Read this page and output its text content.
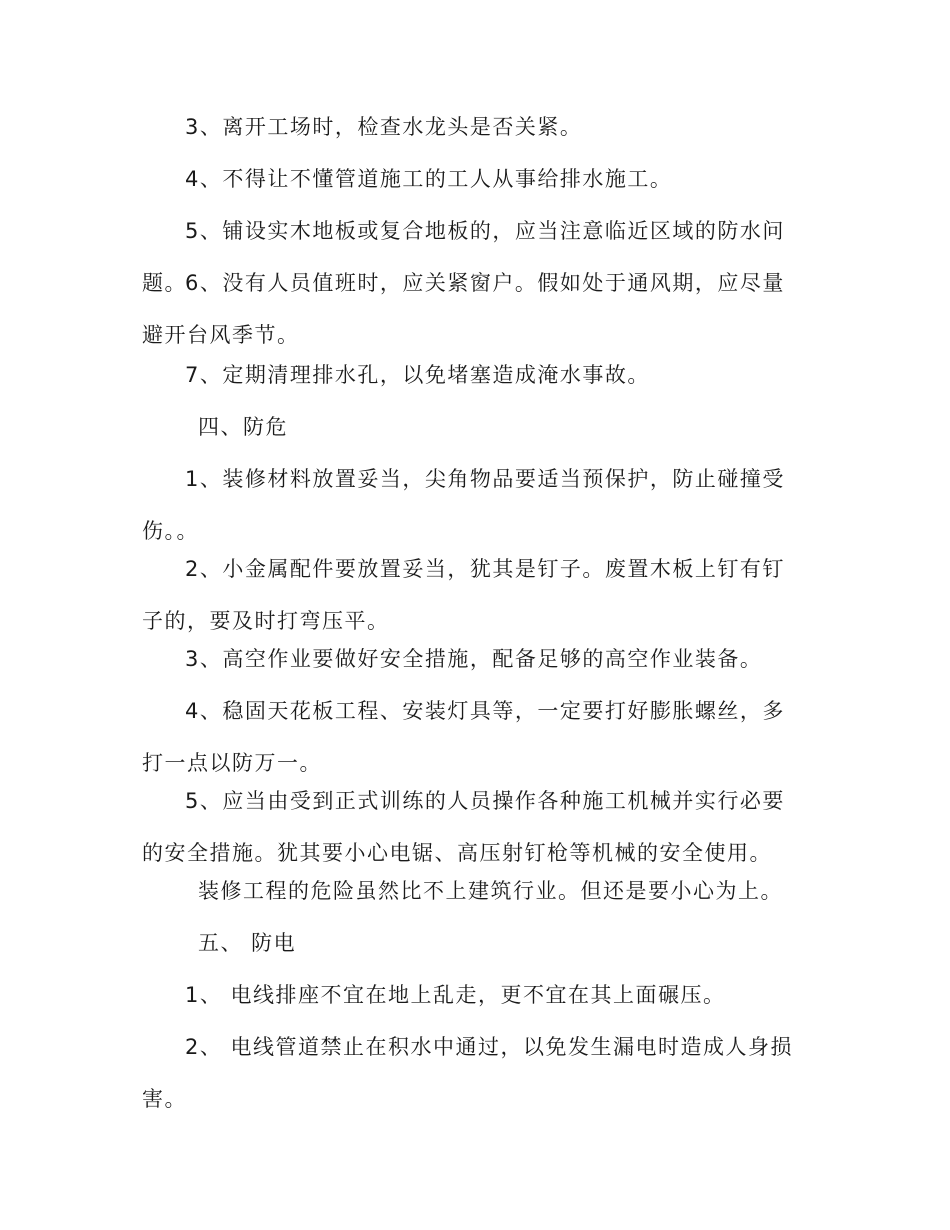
3、离开工场时，检查水龙头是否关紧。

4、不得让不懂管道施工的工人从事给排水施工。

5、铺设实木地板或复合地板的，应当注意临近区域的防水问题。

6、没有人员值班时，应关紧窗户。假如处于通风期，应尽量避开台风季节。

7、定期清理排水孔，以免堵塞造成淹水事故。

四、防危

1、装修材料放置妥当，尖角物品要适当预保护，防止碰撞受伤。。

2、小金属配件要放置妥当，犹其是钉子。废置木板上钉有钉子的，要及时打弯压平。

3、高空作业要做好安全措施，配备足够的高空作业装备。

4、稳固天花板工程、安装灯具等，一定要打好膨胀螺丝，多打一点以防万一。

5、应当由受到正式训练的人员操作各种施工机械并实行必要的安全措施。犹其要小心电锯、高压射钉枪等机械的安全使用。

装修工程的危险虽然比不上建筑行业。但还是要小心为上。

五、 防电

1、 电线排座不宜在地上乱走，更不宜在其上面碾压。

2、 电线管道禁止在积水中通过，以免发生漏电时造成人身损害。
